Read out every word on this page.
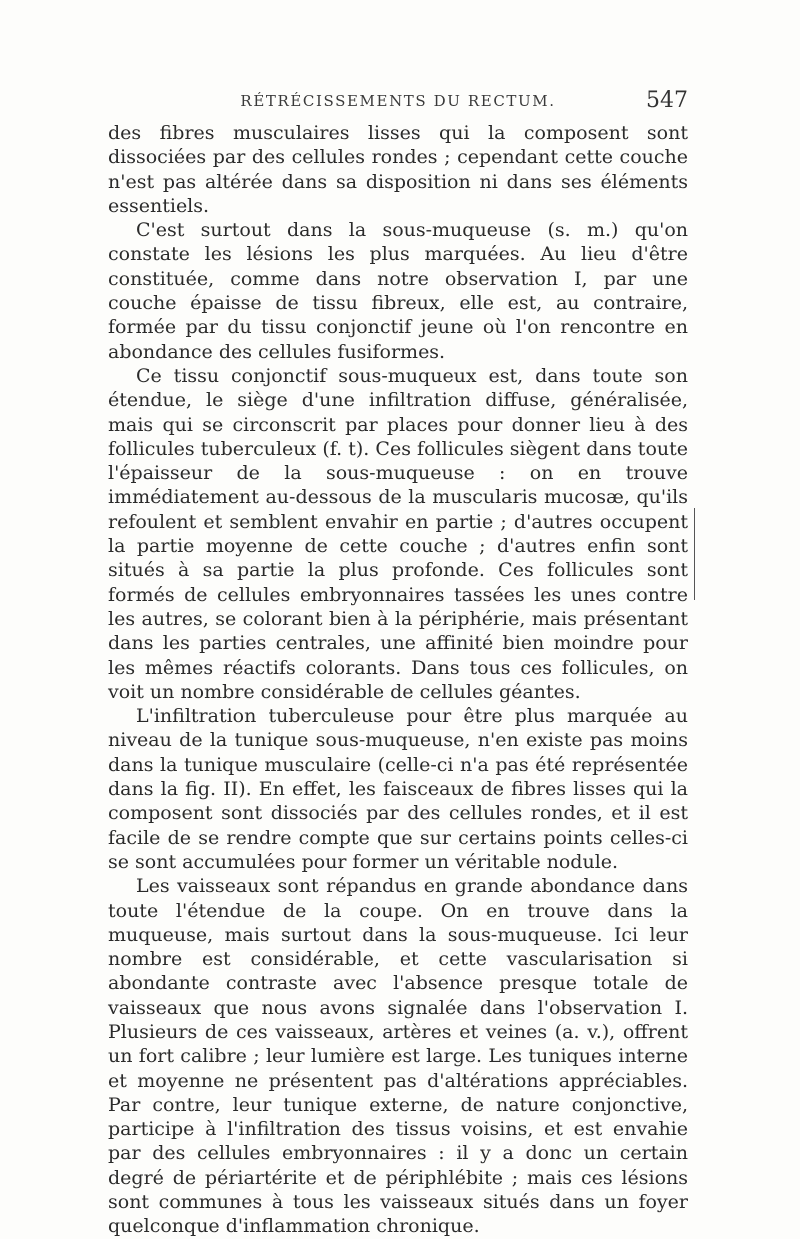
RÉTRÉCISSEMENTS DU RECTUM.	547

des fibres musculaires lisses qui la composent sont dissociées par des cellules rondes ; cependant cette couche n'est pas altérée dans sa disposition ni dans ses éléments essentiels.

C'est surtout dans la sous-muqueuse (s. m.) qu'on constate les lésions les plus marquées. Au lieu d'être constituée, comme dans notre observation I, par une couche épaisse de tissu fibreux, elle est, au contraire, formée par du tissu conjonctif jeune où l'on rencontre en abondance des cellules fusiformes.

Ce tissu conjonctif sous-muqueux est, dans toute son étendue, le siège d'une infiltration diffuse, généralisée, mais qui se circonscrit par places pour donner lieu à des follicules tuberculeux (f. t). Ces follicules siègent dans toute l'épaisseur de la sous-muqueuse : on en trouve immédiatement au-dessous de la muscularis mucosæ, qu'ils refoulent et semblent envahir en partie ; d'autres occupent la partie moyenne de cette couche ; d'autres enfin sont situés à sa partie la plus profonde. Ces follicules sont formés de cellules embryonnaires tassées les unes contre les autres, se colorant bien à la périphérie, mais présentant dans les parties centrales, une affinité bien moindre pour les mêmes réactifs colorants. Dans tous ces follicules, on voit un nombre considérable de cellules géantes.

L'infiltration tuberculeuse pour être plus marquée au niveau de la tunique sous-muqueuse, n'en existe pas moins dans la tunique musculaire (celle-ci n'a pas été représentée dans la fig. II). En effet, les faisceaux de fibres lisses qui la composent sont dissociés par des cellules rondes, et il est facile de se rendre compte que sur certains points celles-ci se sont accumulées pour former un véritable nodule.

Les vaisseaux sont répandus en grande abondance dans toute l'étendue de la coupe. On en trouve dans la muqueuse, mais surtout dans la sous-muqueuse. Ici leur nombre est considérable, et cette vascularisation si abondante contraste avec l'absence presque totale de vaisseaux que nous avons signalée dans l'observation I. Plusieurs de ces vaisseaux, artères et veines (a. v.), offrent un fort calibre ; leur lumière est large. Les tuniques interne et moyenne ne présentent pas d'altérations appréciables. Par contre, leur tunique externe, de nature conjonctive, participe à l'infiltration des tissus voisins, et est envahie par des cellules embryonnaires : il y a donc un certain degré de périartérite et de périphlébite ; mais ces lésions sont communes à tous les vaisseaux situés dans un foyer quelconque d'inflammation chronique.
